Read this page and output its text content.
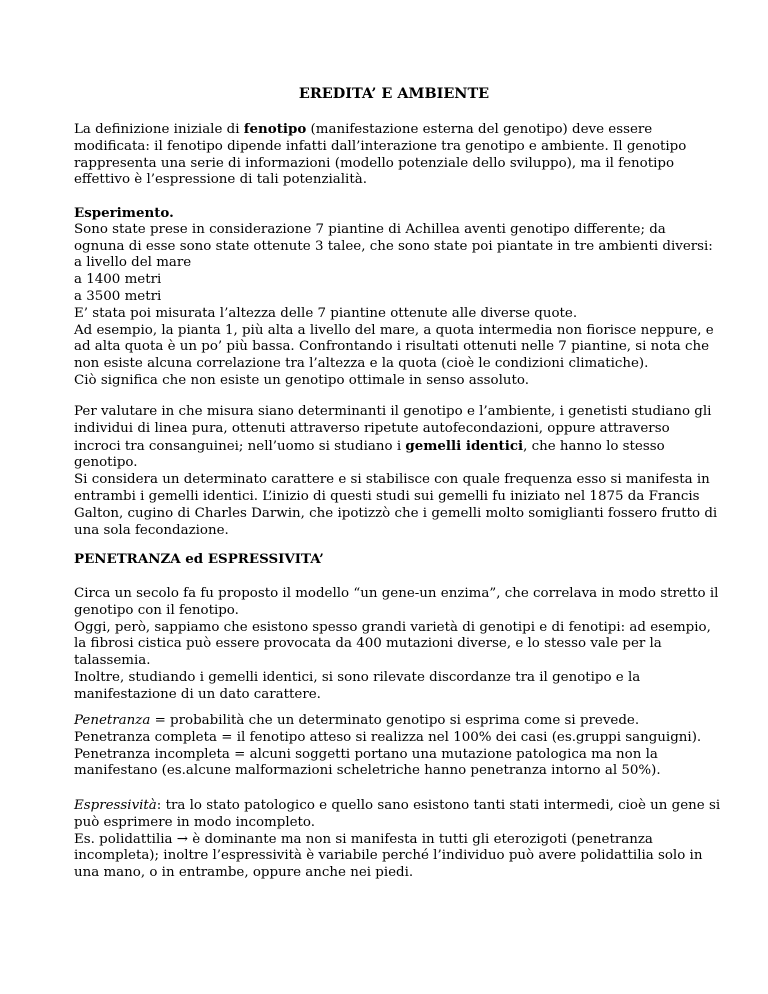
EREDITA’ E AMBIENTE

La definizione iniziale di fenotipo (manifestazione esterna del genotipo) deve essere
modificata: il fenotipo dipende infatti dall’interazione tra genotipo e ambiente. Il genotipo
rappresenta una serie di informazioni (modello potenziale dello sviluppo), ma il fenotipo
effettivo è l’espressione di tali potenzialità.

Esperimento.
Sono state prese in considerazione 7 piantine di Achillea aventi genotipo differente; da
ognuna di esse sono state ottenute 3 talee, che sono state poi piantate in tre ambienti diversi:
a livello del mare
a 1400 metri
a 3500 metri
E’ stata poi misurata l’altezza delle 7 piantine ottenute alle diverse quote.
Ad esempio, la pianta 1, più alta a livello del mare, a quota intermedia non fiorisce neppure, e
ad alta quota è un po’ più bassa. Confrontando i risultati ottenuti nelle 7 piantine, si nota che
non esiste alcuna correlazione tra l’altezza e la quota (cioè le condizioni climatiche).
Ciò significa che non esiste un genotipo ottimale in senso assoluto.

Per valutare in che misura siano determinanti il genotipo e l’ambiente, i genetisti studiano gli
individui di linea pura, ottenuti attraverso ripetute autofecondazioni, oppure attraverso
incroci tra consanguinei; nell’uomo si studiano i gemelli identici, che hanno lo stesso
genotipo.
Si considera un determinato carattere e si stabilisce con quale frequenza esso si manifesta in
entrambi i gemelli identici. L’inizio di questi studi sui gemelli fu iniziato nel 1875 da Francis
Galton, cugino di Charles Darwin, che ipotizzò che i gemelli molto somiglianti fossero frutto di
una sola fecondazione.

PENETRANZA ed ESPRESSIVITA’

Circa un secolo fa fu proposto il modello “un gene-un enzima”, che correlava in modo stretto il
genotipo con il fenotipo.
Oggi, però, sappiamo che esistono spesso grandi varietà di genotipi e di fenotipi: ad esempio,
la fibrosi cistica può essere provocata da 400 mutazioni diverse, e lo stesso vale per la
talassemia.
Inoltre, studiando i gemelli identici, si sono rilevate discordanze tra il genotipo e la
manifestazione di un dato carattere.

Penetranza = probabilità che un determinato genotipo si esprima come si prevede.
Penetranza completa = il fenotipo atteso si realizza nel 100% dei casi (es.gruppi sanguigni).
Penetranza incompleta = alcuni soggetti portano una mutazione patologica ma non la
manifestano (es.alcune malformazioni scheletriche hanno penetranza intorno al 50%).

Espressività: tra lo stato patologico e quello sano esistono tanti stati intermedi, cioè un gene si
può esprimere in modo incompleto.
Es. polidattilia → è dominante ma non si manifesta in tutti gli eterozigoti (penetranza
incompleta); inoltre l’espressività è variabile perché l’individuo può avere polidattilia solo in
una mano, o in entrambe, oppure anche nei piedi.
